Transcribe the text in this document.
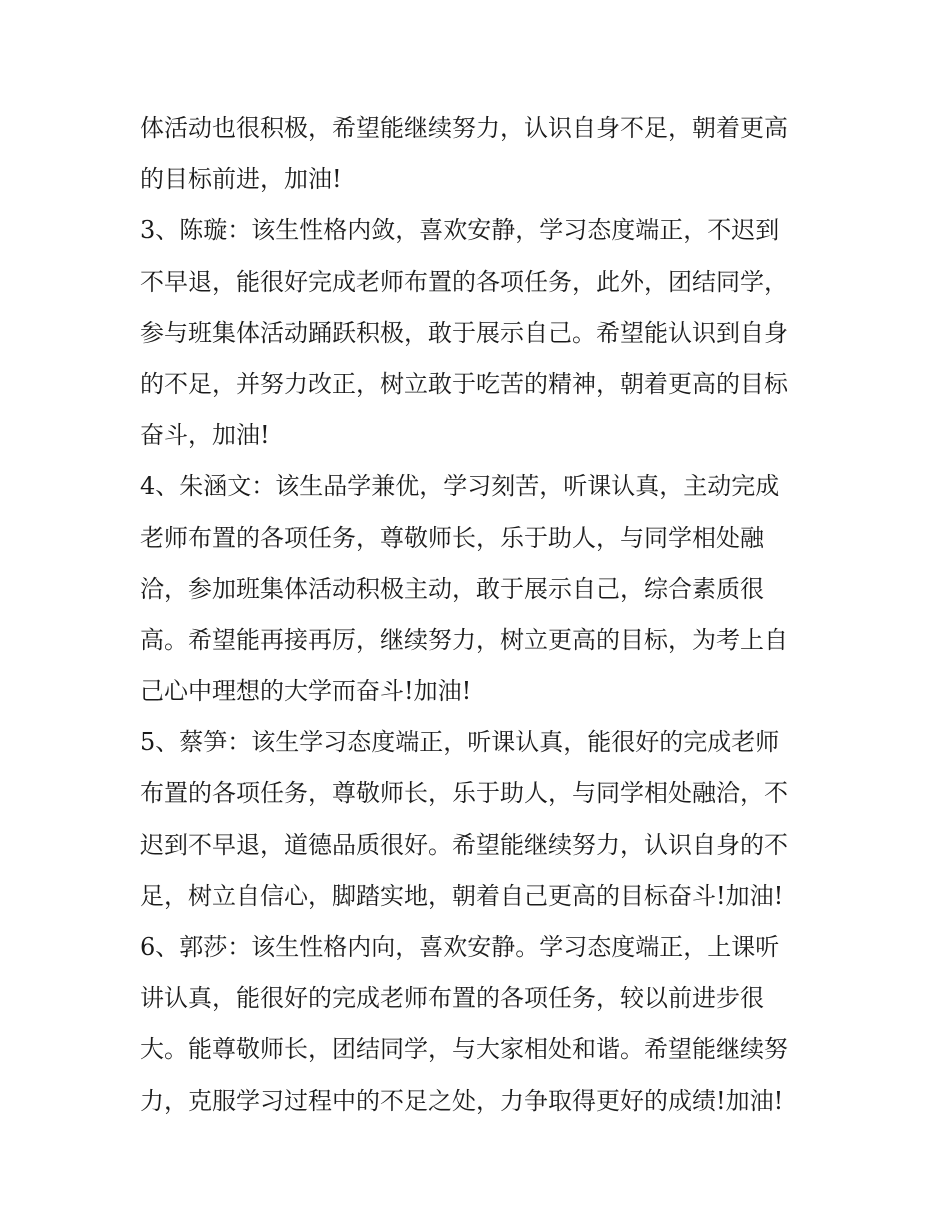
体活动也很积极，希望能继续努力，认识自身不足，朝着更高
的目标前进，加油!
3、陈璇：该生性格内敛，喜欢安静，学习态度端正，不迟到
不早退，能很好完成老师布置的各项任务，此外，团结同学，
参与班集体活动踊跃积极，敢于展示自己。希望能认识到自身
的不足，并努力改正，树立敢于吃苦的精神，朝着更高的目标
奋斗，加油!
4、朱涵文：该生品学兼优，学习刻苦，听课认真，主动完成
老师布置的各项任务，尊敬师长，乐于助人，与同学相处融
洽，参加班集体活动积极主动，敢于展示自己，综合素质很
高。希望能再接再厉，继续努力，树立更高的目标，为考上自
己心中理想的大学而奋斗!加油!
5、蔡笋：该生学习态度端正，听课认真，能很好的完成老师
布置的各项任务，尊敬师长，乐于助人，与同学相处融洽，不
迟到不早退，道德品质很好。希望能继续努力，认识自身的不
足，树立自信心，脚踏实地，朝着自己更高的目标奋斗!加油!
6、郭莎：该生性格内向，喜欢安静。学习态度端正，上课听
讲认真，能很好的完成老师布置的各项任务，较以前进步很
大。能尊敬师长，团结同学，与大家相处和谐。希望能继续努
力，克服学习过程中的不足之处，力争取得更好的成绩!加油!
